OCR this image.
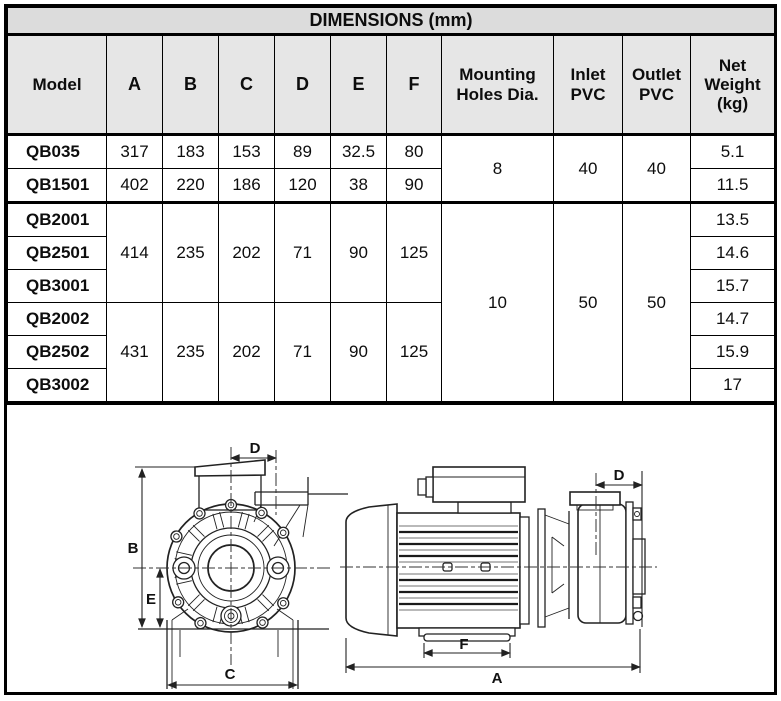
DIMENSIONS (mm)										
Model	A	B	C	D	E	F	Mounting Holes Dia.	Inlet PVC	Outlet PVC	Net Weight (kg)
QB035	317	183	153	89	32.5	80	8	40	40	5.1
QB1501	402	220	186	120	38	90				11.5
QB2001	414	235	202	71	90	125	10	50	50	13.5
QB2501										14.6
QB3001										15.7
QB2002	431	235	202	71	90	125				14.7
QB2502										15.9
QB3002										17
B
E
D
C
D
F
A
